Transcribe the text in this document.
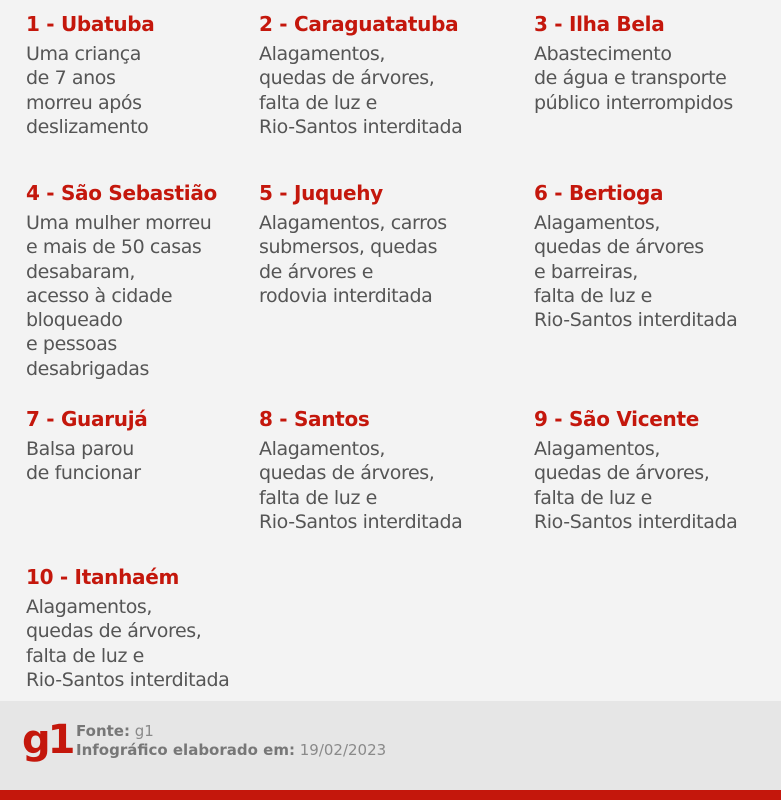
1 - Ubatuba
Uma criança
de 7 anos
morreu após
deslizamento
2 - Caraguatatuba
Alagamentos,
quedas de árvores,
falta de luz e
Rio-Santos interditada
3 - Ilha Bela
Abastecimento
de água e transporte
público interrompidos
4 - São Sebastião
Uma mulher morreu
e mais de 50 casas
desabaram,
acesso à cidade
bloqueado
e pessoas
desabrigadas
5 - Juquehy
Alagamentos, carros
submersos, quedas
de árvores e
rodovia interditada
6 - Bertioga
Alagamentos,
quedas de árvores
e barreiras,
falta de luz e
Rio-Santos interditada
7 - Guarujá
Balsa parou
de funcionar
8 - Santos
Alagamentos,
quedas de árvores,
falta de luz e
Rio-Santos interditada
9 - São Vicente
Alagamentos,
quedas de árvores,
falta de luz e
Rio-Santos interditada
10 - Itanhaém
Alagamentos,
quedas de árvores,
falta de luz e
Rio-Santos interditada
g1 Fonte: g1
Infográfico elaborado em: 19/02/2023
